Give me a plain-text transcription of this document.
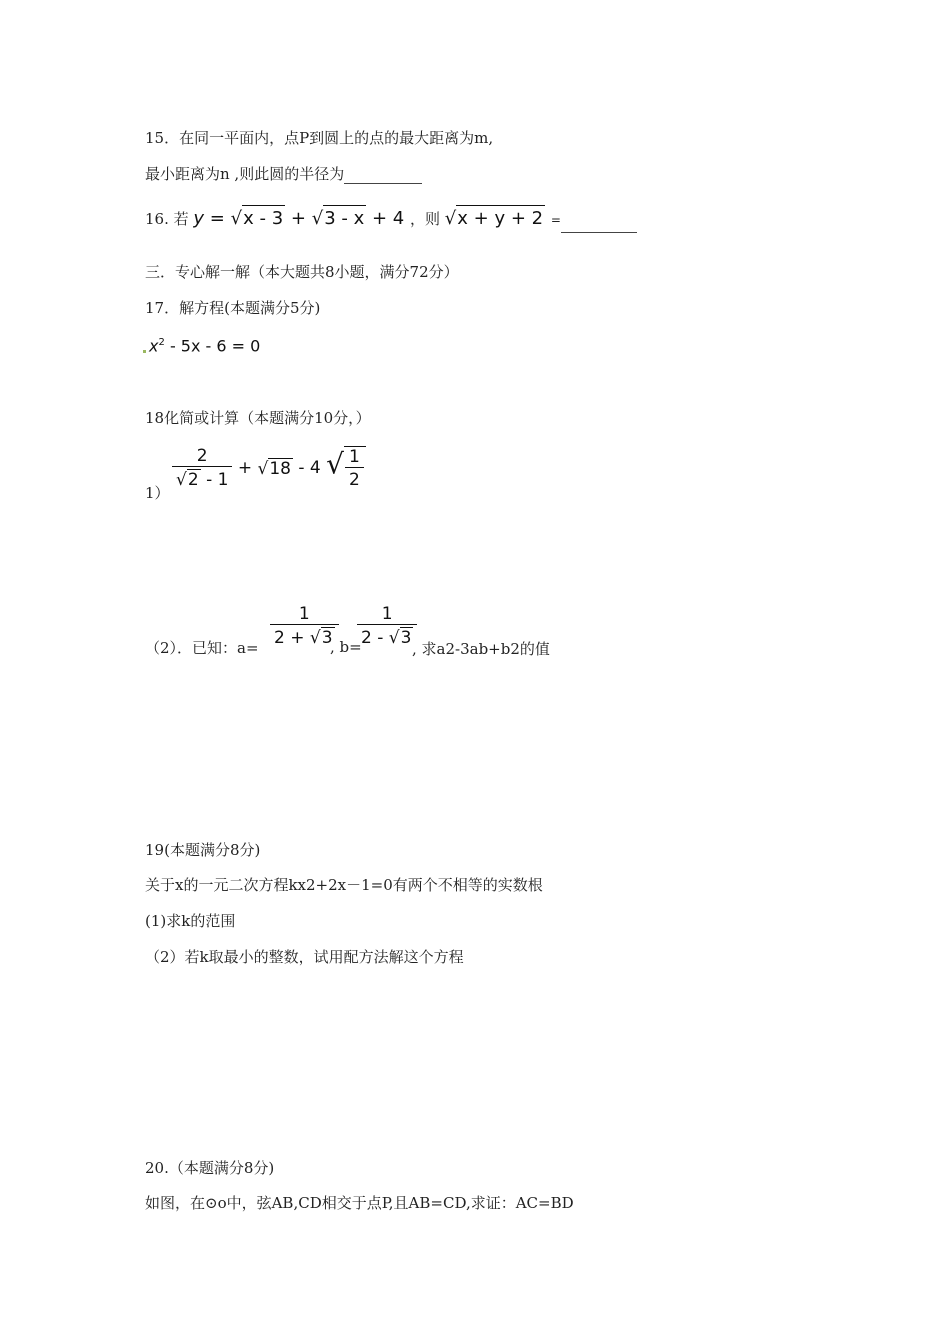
15．在同一平面内，点P到圆上的点的最大距离为m,
最小距离为n ,则此圆的半径为
16. 若 y = √x - 3 + √3 - x + 4 ，则 √x + y + 2 =
三．专心解一解（本大题共8小题，满分72分）
17．解方程(本题满分5分)
$x^2 - 5x - 6 = 0$
18化简或计算（本题满分10分，）
1）
$\frac{2}{√2 - 1} + √18 - 4$ √ $\frac{1}{2}$
（2）．已知：$a= \frac{1}{2 + √3}$
, b=
$\frac{1}{2 - √3}$
, 求a2-3ab+b2的值
19(本题满分8分)
关于x的一元二次方程kx2+2x－1=0有两个不相等的实数根
(1)求k的范围
（2）若k取最小的整数，试用配方法解这个方程
20.（本题满分8分)
如图，在⊙o中，弦AB,CD相交于点P,且AB=CD,求证：AC=BD
